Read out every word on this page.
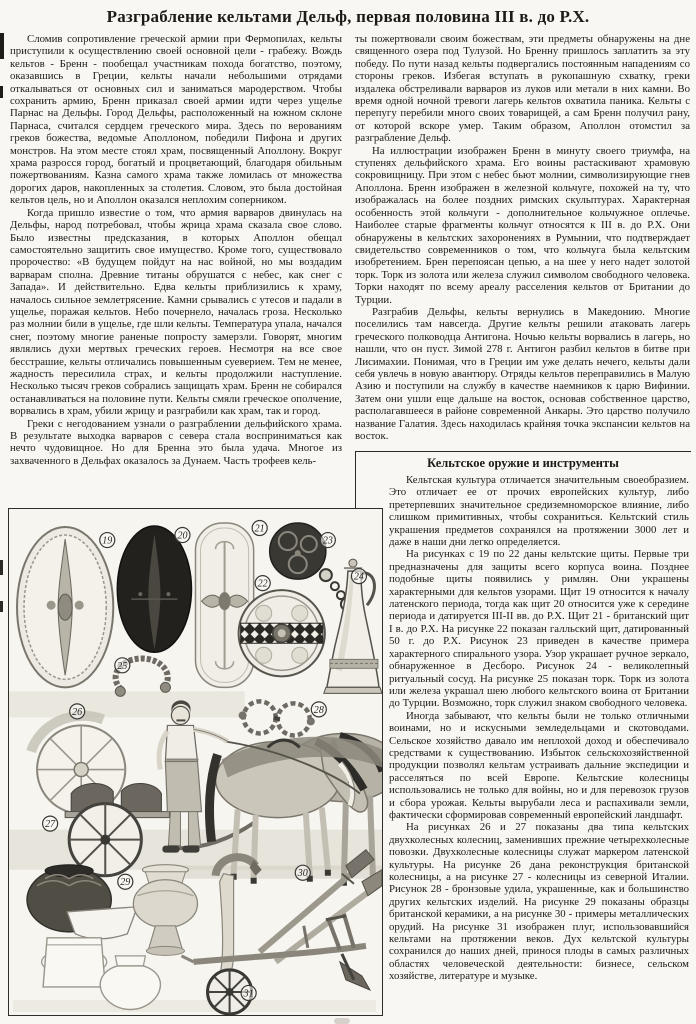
Разграбление кельтами Дельф, первая половина III в. до Р.Х.

Сломив сопротивление греческой армии при Фермопилах, кельты приступили к осуществлению своей основной цели - грабежу. Вождь кельтов - Бренн - пообещал участникам похода богатство, поэтому, оказавшись в Греции, кельты начали небольшими отрядами откалываться от основных сил и заниматься мародерством. Чтобы сохранить армию, Бренн приказал своей армии идти через ущелье Парнас на Дельфы. Город Дельфы, расположенный на южном склоне Парнаса, считался сердцем греческого мира. Здесь по верованиям греков божества, ведомые Аполлоном, победили Пифона и других монстров. На этом месте стоял храм, посвященный Аполлону. Вокруг храма разросся город, богатый и процветающий, благодаря обильным пожертвованиям. Казна самого храма также ломилась от множества дорогих даров, накопленных за столетия. Словом, это была достойная кельтов цель, но и Аполлон оказался неплохим соперником.

Когда пришло известие о том, что армия варваров двинулась на Дельфы, народ потребовал, чтобы жрица храма сказала свое слово. Было известны предсказания, в которых Аполлон обещал самостоятельно защитить свое имущество. Кроме того, существовало пророчество: «В будущем пойдут на нас войной, но мы воздадим варварам сполна. Древние титаны обрушатся с небес, как снег с Запада». И действительно. Едва кельты приблизились к храму, началось сильное землетрясение. Камни срывались с утесов и падали в ущелье, поражая кельтов. Небо почернело, началась гроза. Несколько раз молнии били в ущелье, где шли кельты. Температура упала, начался снег, поэтому многие раненые попросту замерзли. Говорят, многим являлись духи мертвых греческих героев. Несмотря на все свое бесстрашие, кельты отличались повышенным суеверием. Тем не менее, жадность пересилила страх, и кельты продолжили наступление. Несколько тысяч греков собрались защищать храм. Бренн не собирался останавливаться на половине пути. Кельты смяли греческое ополчение, ворвались в храм, убили жрицу и разграбили как храм, так и город.

Греки с негодованием узнали о разграблении дельфийского храма. В результате выходка варваров с севера стала восприниматься как нечто чудовищное. Но для Бренна это была удача. Многое из захваченного в Дельфах оказалось за Дунаем. Часть трофеев кель-

ты пожертвовали своим божествам, эти предметы обнаружены на дне священного озера под Тулузой. Но Бренну пришлось заплатить за эту победу. По пути назад кельты подвергались постоянным нападениям со стороны греков. Избегая вступать в рукопашную схватку, греки издалека обстреливали варваров из луков или метали в них камни. Во время одной ночной тревоги лагерь кельтов охватила паника. Кельты с перепугу перебили много своих товарищей, а сам Бренн получил рану, от которой вскоре умер. Таким образом, Аполлон отомстил за разграбление Дельф.

На иллюстрации изображен Бренн в минуту своего триумфа, на ступенях дельфийского храма. Его воины растаскивают храмовую сокровищницу. При этом с небес бьют молнии, символизирующие гнев Аполлона. Бренн изображен в железной кольчуге, похожей на ту, что изображалась на более поздних римских скульптурах. Характерная особенность этой кольчуги - дополнительное кольчужное оплечье. Наиболее старые фрагменты кольчуг относятся к III в. до Р.Х. Они обнаружены в кельтских захоронениях в Румынии, что подтверждает свидетельство современников о том, что кольчуга была кельтским изобретением. Брен перепоясан цепью, а на шее у него надет золотой торк. Торк из золота или железа служил символом свободного человека. Торки находят по всему ареалу расселения кельтов от Британии до Турции.

Разграбив Дельфы, кельты вернулись в Македонию. Многие поселились там навсегда. Другие кельты решили атаковать лагерь греческого полководца Антигона. Ночью кельты ворвались в лагерь, но нашли, что он пуст. Зимой 278 г. Антигон разбил кельтов в битве при Лисимахии. Понимая, что в Греции им уже делать нечего, кельты дали себя увлечь в новую авантюру. Отряды кельтов переправились в Малую Азию и поступили на службу в качестве наемников к царю Вифинии. Затем они ушли еще дальше на восток, основав собственное царство, располагавшееся в районе современной Анкары. Это царство получило название Галатия. Здесь находилась крайняя точка экспансии кельтов на восток.

Кельтское оружие и инструменты

Кельтская культура отличается значительным своеобразием. Это отличает ее от прочих европейских культур, либо претерпевших значительное средиземноморское влияние, либо слишком примитивных, чтобы сохраниться. Кельтский стиль украшения предметов сохранялся на протяжении 3000 лет и даже в наши дни легко определяется.

На рисунках с 19 по 22 даны кельтские щиты. Первые три предназначены для защиты всего корпуса воина. Позднее подобные щиты появились у римлян. Они украшены характерными для кельтов узорами. Щит 19 относится к началу латенского периода, тогда как щит 20 относится уже к середине периода и датируется III-II вв. до Р.Х. Щит 21 - британский щит I в. до Р.Х. На рисунке 22 показан галльский щит, датированный 50 г. до Р.Х. Рисунок 23 приведен в качестве примера характерного спирального узора. Узор украшает ручное зеркало, обнаруженное в Десборо. Рисунок 24 - великолепный ритуальный сосуд. На рисунке 25 показан торк. Торк из золота или железа украшал шею любого кельтского воина от Британии до Турции. Возможно, торк служил знаком свободного человека.

Иногда забывают, что кельты были не только отличными воинами, но и искусными земледельцами и скотоводами. Сельское хозяйство давало им неплохой доход и обеспечивало средствами к существованию. Избыток сельскохозяйственной продукции позволял кельтам устраивать дальние экспедиции и расселяться по всей Европе. Кельтские колесницы использовались не только для войны, но и для перевозок грузов и сбора урожая. Кельты вырубали леса и распахивали земли, фактически сформировав современный европейский ландшафт.

На рисунках 26 и 27 показаны два типа кельтских двухколесных колесниц, заменивших прежние четырехколесные повозки. Двухколесные колесницы служат маркером латенской культуры. На рисунке 26 дана реконструкция британской колесницы, а на рисунке 27 - колесницы из северной Италии. Рисунок 28 - бронзовые удила, украшенные, как и большинство других кельтских изделий. На рисунке 29 показаны образцы британской керамики, а на рисунке 30 - примеры металлических орудий. На рисунке 31 изображен плуг, использовавшийся кельтами на протяжении веков. Дух кельтской культуры сохранился до наших дней, принося плоды в самых различных областях человеческой деятельности: бизнесе, сельском хозяйстве, литературе и музыке.

19	20
21
22
23
24
25
26
27
28
29
30
31
